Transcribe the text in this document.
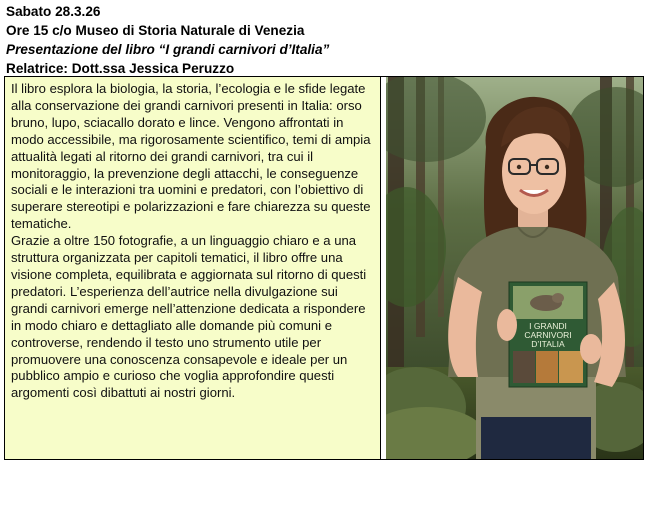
Sabato 28.3.26
Ore 15 c/o Museo di Storia Naturale di Venezia
Presentazione del libro “I grandi carnivori d’Italia”
Relatrice: Dott.ssa Jessica Peruzzo

Il libro esplora la biologia, la storia, l’ecologia e le sfide legate alla conservazione dei grandi carnivori presenti in Italia: orso bruno, lupo, sciacallo dorato e lince. Vengono affrontati in modo accessibile, ma rigorosamente scientifico, temi di ampia attualità legati al ritorno dei grandi carnivori, tra cui il monitoraggio, la prevenzione degli attacchi, le conseguenze sociali e le interazioni tra uomini e predatori, con l’obiettivo di superare stereotipi e polarizzazioni e fare chiarezza su queste tematiche.

Grazie a oltre 150 fotografie, a un linguaggio chiaro e a una struttura organizzata per capitoli tematici, il libro offre una visione completa, equilibrata e aggiornata sul ritorno di questi predatori. L’esperienza dell’autrice nella divulgazione sui grandi carnivori emerge nell’attenzione dedicata a rispondere in modo chiaro e dettagliato alle domande più comuni e controverse, rendendo il testo uno strumento utile per promuovere una conoscenza consapevole e ideale per un pubblico ampio e curioso che voglia approfondire questi argomenti così dibattuti ai nostri giorni.

I GRANDI
CARNIVORI
D’ITALIA
